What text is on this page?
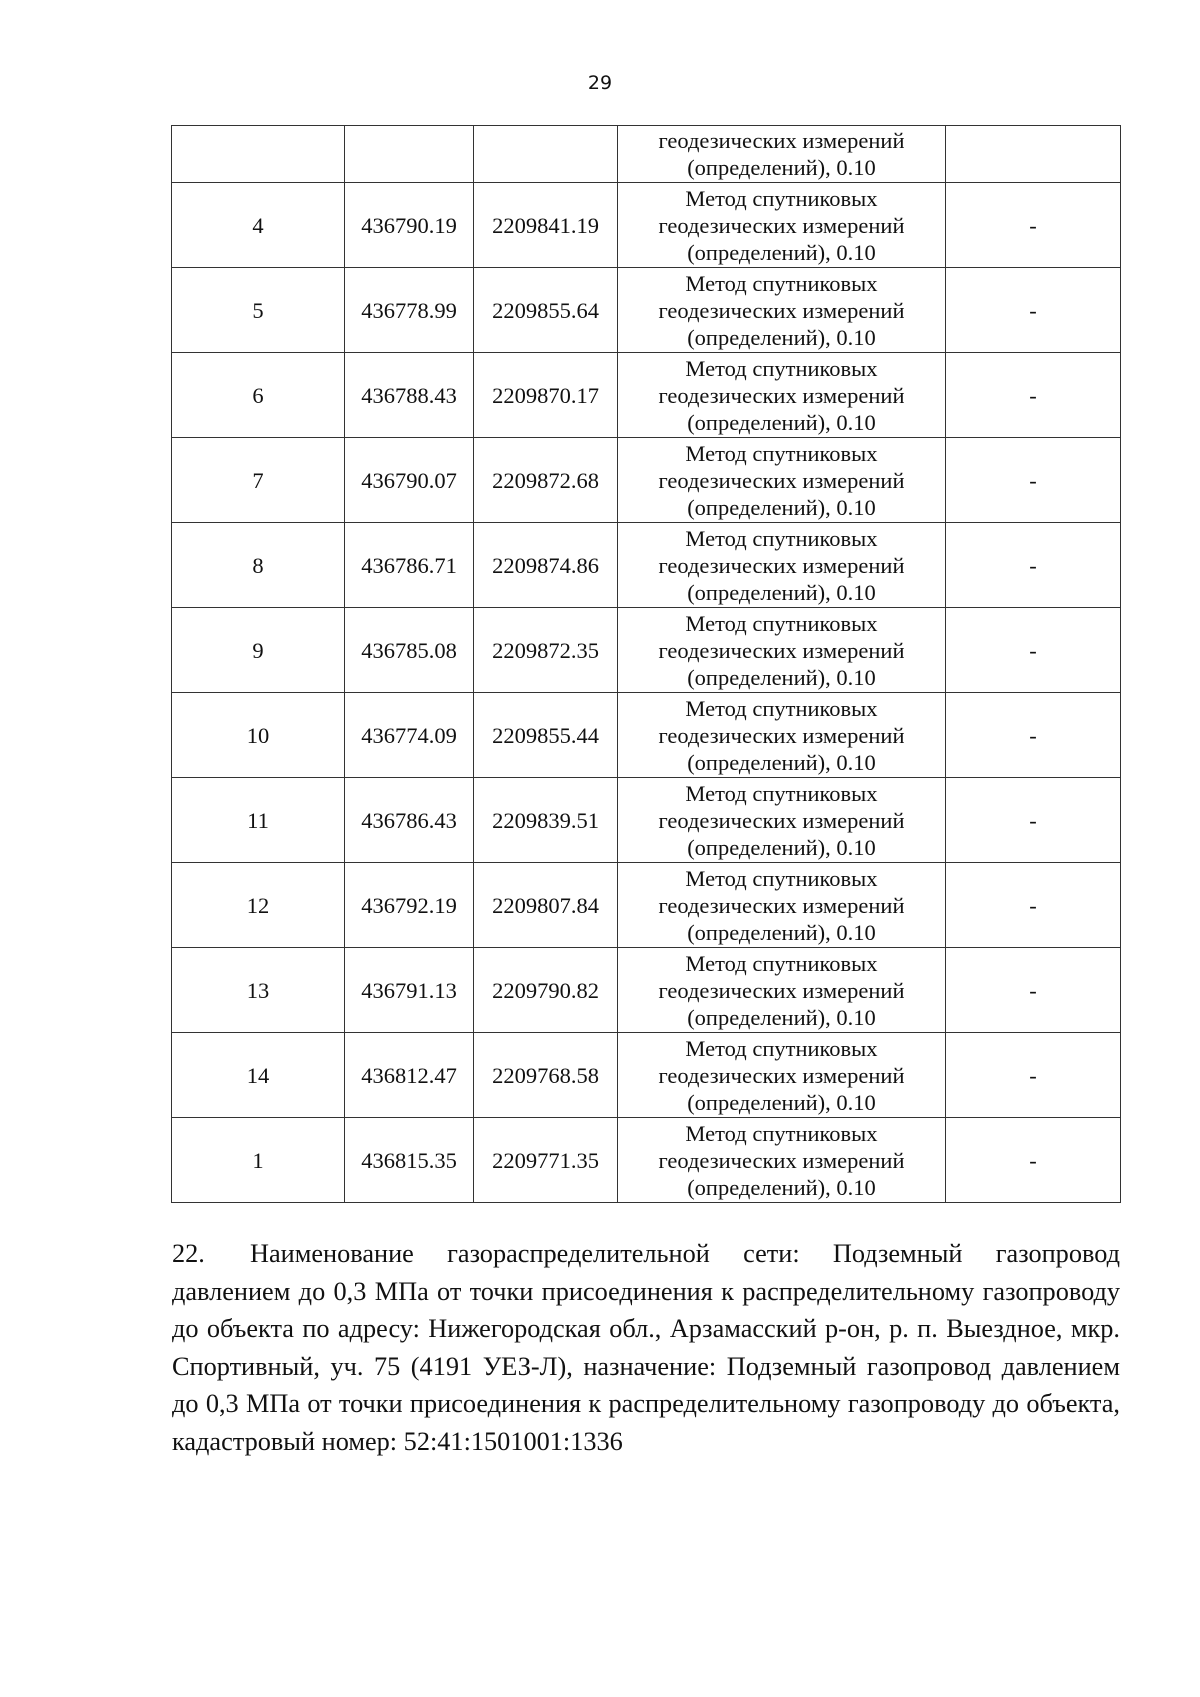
29

			геодезических измерений
(определений), 0.10	

4	436790.19	2209841.19	Метод спутниковых
геодезических измерений
(определений), 0.10	-
5	436778.99	2209855.64	Метод спутниковых
геодезических измерений
(определений), 0.10	-
6	436788.43	2209870.17	Метод спутниковых
геодезических измерений
(определений), 0.10	-
7	436790.07	2209872.68	Метод спутниковых
геодезических измерений
(определений), 0.10	-
8	436786.71	2209874.86	Метод спутниковых
геодезических измерений
(определений), 0.10	-
9	436785.08	2209872.35	Метод спутниковых
геодезических измерений
(определений), 0.10	-
10	436774.09	2209855.44	Метод спутниковых
геодезических измерений
(определений), 0.10	-
11	436786.43	2209839.51	Метод спутниковых
геодезических измерений
(определений), 0.10	-
12	436792.19	2209807.84	Метод спутниковых
геодезических измерений
(определений), 0.10	-
13	436791.13	2209790.82	Метод спутниковых
геодезических измерений
(определений), 0.10	-
14	436812.47	2209768.58	Метод спутниковых
геодезических измерений
(определений), 0.10	-
1	436815.35	2209771.35	Метод спутниковых
геодезических измерений
(определений), 0.10	-

22. Наименование газораспределительной сети: Подземный газопровод давлением до 0,3 МПа от точки присоединения к распределительному газопроводу до объекта по адресу: Нижегородская обл., Арзамасский р-он, р. п. Выездное, мкр. Спортивный, уч. 75 (4191 УЕЗ-Л), назначение: Подземный газопровод давлением до 0,3 МПа от точки присоединения к распределительному газопроводу до объекта, кадастровый номер: 52:41:1501001:1336
